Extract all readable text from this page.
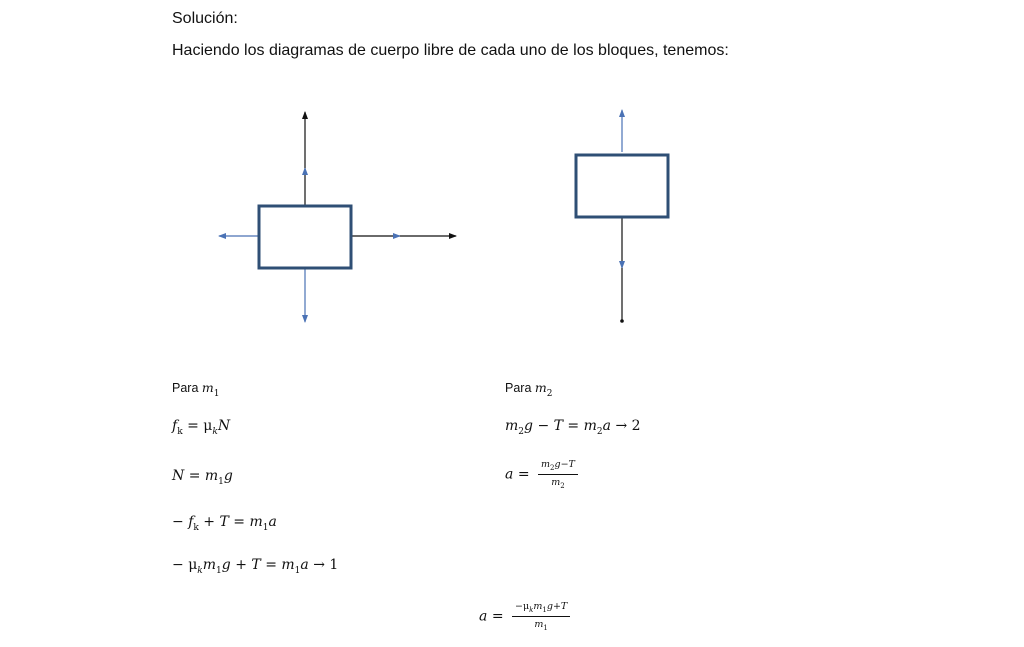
Solución:
Haciendo los diagramas de cuerpo libre de cada uno de los bloques, tenemos:
Para $m_1$
$f_k = \mu_kN$
$N = m_1g$
− $f_k + T = m_1a$
− $\mu_km_1g + T = m_1a \to 1$
Para $m_2$
$m_2g - T = m_2a \to 2$
$a = \frac{m_2g-T}{m_2}$
$a = \frac{-\mu_km_1g+T}{m_1}$
